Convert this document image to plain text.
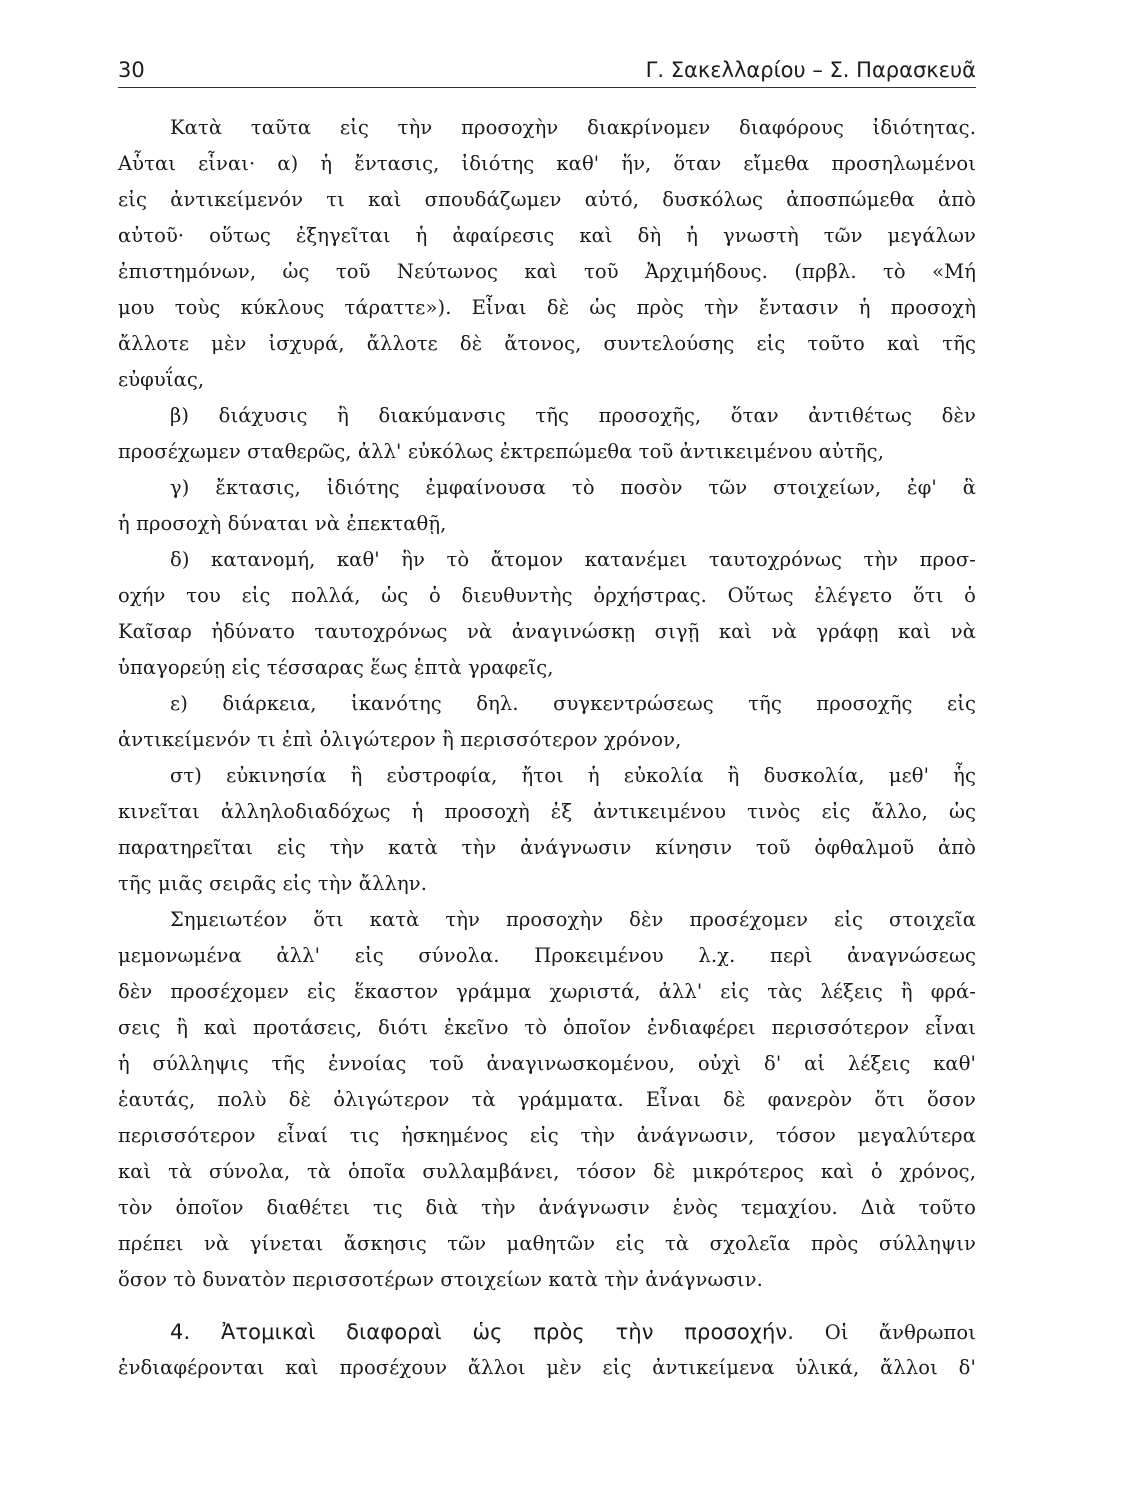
30	Γ. Σακελλαρίου – Σ. Παρασκευᾶ
Κατὰ ταῦτα εἰς τὴν προσοχὴν διακρίνομεν διαφόρους ἰδιότητας.
Αὗται εἶναι· α) ἡ ἔντασις, ἰδιότης καθ' ἥν, ὅταν εἴμεθα προσηλωμένοι
εἰς ἀντικείμενόν τι καὶ σπουδάζωμεν αὐτό, δυσκόλως ἀποσπώμεθα ἀπὸ
αὐτοῦ· οὕτως ἐξηγεῖται ἡ ἀφαίρεσις καὶ δὴ ἡ γνωστὴ τῶν μεγάλων
ἐπιστημόνων, ὡς τοῦ Νεύτωνος καὶ τοῦ Ἀρχιμήδους. (πρβλ. τὸ «Μή
μου τοὺς κύκλους τάραττε»). Εἶναι δὲ ὡς πρὸς τὴν ἔντασιν ἡ προσοχὴ
ἄλλοτε μὲν ἰσχυρά, ἄλλοτε δὲ ἄτονος, συντελούσης εἰς τοῦτο καὶ τῆς
εὐφυΐας,
β) διάχυσις ἢ διακύμανσις τῆς προσοχῆς, ὅταν ἀντιθέτως δὲν
προσέχωμεν σταθερῶς, ἀλλ' εὐκόλως ἐκτρεπώμεθα τοῦ ἀντικειμένου αὐτῆς,
γ) ἔκτασις, ἰδιότης ἐμφαίνουσα τὸ ποσὸν τῶν στοιχείων, ἐφ' ἃ
ἡ προσοχὴ δύναται νὰ ἐπεκταθῇ,
δ) κατανομή, καθ' ἣν τὸ ἄτομον κατανέμει ταυτοχρόνως τὴν προσ-
οχήν του εἰς πολλά, ὡς ὁ διευθυντὴς ὀρχήστρας. Οὕτως ἐλέγετο ὅτι ὁ
Καῖσαρ ἠδύνατο ταυτοχρόνως νὰ ἀναγινώσκῃ σιγῇ καὶ νὰ γράφῃ καὶ νὰ
ὑπαγορεύῃ εἰς τέσσαρας ἕως ἑπτὰ γραφεῖς,
ε) διάρκεια, ἱκανότης δηλ. συγκεντρώσεως τῆς προσοχῆς εἰς
ἀντικείμενόν τι ἐπὶ ὀλιγώτερον ἢ περισσότερον χρόνον,
στ) εὐκινησία ἢ εὐστροφία, ἤτοι ἡ εὐκολία ἢ δυσκολία, μεθ' ἧς
κινεῖται ἀλληλοδιαδόχως ἡ προσοχὴ ἐξ ἀντικειμένου τινὸς εἰς ἄλλο, ὡς
παρατηρεῖται εἰς τὴν κατὰ τὴν ἀνάγνωσιν κίνησιν τοῦ ὀφθαλμοῦ ἀπὸ
τῆς μιᾶς σειρᾶς εἰς τὴν ἄλλην.
Σημειωτέον ὅτι κατὰ τὴν προσοχὴν δὲν προσέχομεν εἰς στοιχεῖα
μεμονωμένα ἀλλ' εἰς σύνολα. Προκειμένου λ.χ. περὶ ἀναγνώσεως
δὲν προσέχομεν εἰς ἕκαστον γράμμα χωριστά, ἀλλ' εἰς τὰς λέξεις ἢ φρά-
σεις ἢ καὶ προτάσεις, διότι ἐκεῖνο τὸ ὁποῖον ἐνδιαφέρει περισσότερον εἶναι
ἡ σύλληψις τῆς ἐννοίας τοῦ ἀναγινωσκομένου, οὐχὶ δ' αἱ λέξεις καθ'
ἑαυτάς, πολὺ δὲ ὀλιγώτερον τὰ γράμματα. Εἶναι δὲ φανερὸν ὅτι ὅσον
περισσότερον εἶναί τις ἠσκημένος εἰς τὴν ἀνάγνωσιν, τόσον μεγαλύτερα
καὶ τὰ σύνολα, τὰ ὁποῖα συλλαμβάνει, τόσον δὲ μικρότερος καὶ ὁ χρόνος,
τὸν ὁποῖον διαθέτει τις διὰ τὴν ἀνάγνωσιν ἑνὸς τεμαχίου. Διὰ τοῦτο
πρέπει νὰ γίνεται ἄσκησις τῶν μαθητῶν εἰς τὰ σχολεῖα πρὸς σύλληψιν
ὅσον τὸ δυνατὸν περισσοτέρων στοιχείων κατὰ τὴν ἀνάγνωσιν.
4. Ἀτομικαὶ διαφοραὶ ὡς πρὸς τὴν προσοχήν. Οἱ ἄνθρωποι
ἐνδιαφέρονται καὶ προσέχουν ἄλλοι μὲν εἰς ἀντικείμενα ὑλικά, ἄλλοι δ'
